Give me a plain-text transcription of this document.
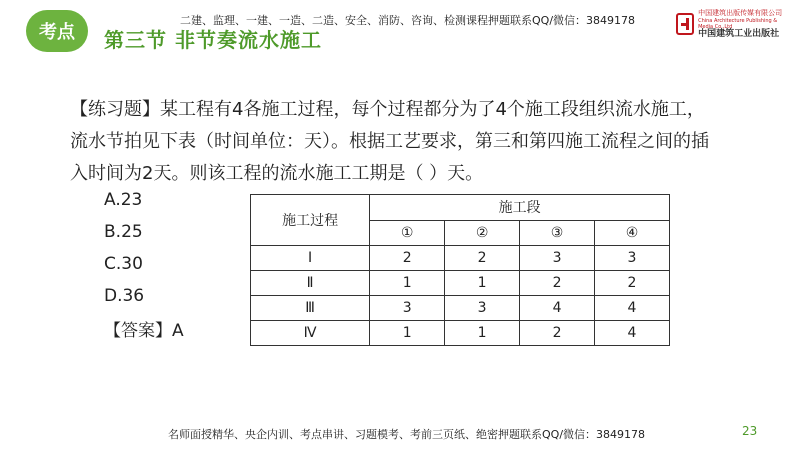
考点	第三节 非节奏流水施工
二建、监理、一建、一造、二造、安全、消防、咨询、检测课程押题联系QQ/微信：3849178
中国建筑出版传媒有限公司
China Architecture Publishing & Media Co.,Ltd
中国建筑工业出版社
【练习题】某工程有4各施工过程，每个过程都分为了4个施工段组织流水施工，流水节拍见下表（时间单位：天）。根据工艺要求，第三和第四施工流程之间的插入时间为2天。则该工程的流水施工工期是（ ）天。
A.23
B.25
C.30
D.36
【答案】A
施工过程	施工段			
	①	②	③	④
Ⅰ	2	2	3	3
Ⅱ	1	1	2	2
Ⅲ	3	3	4	4
Ⅳ	1	1	2	4
名师面授精华、央企内训、考点串讲、习题模考、考前三页纸、绝密押题联系QQ/微信：3849178	23
